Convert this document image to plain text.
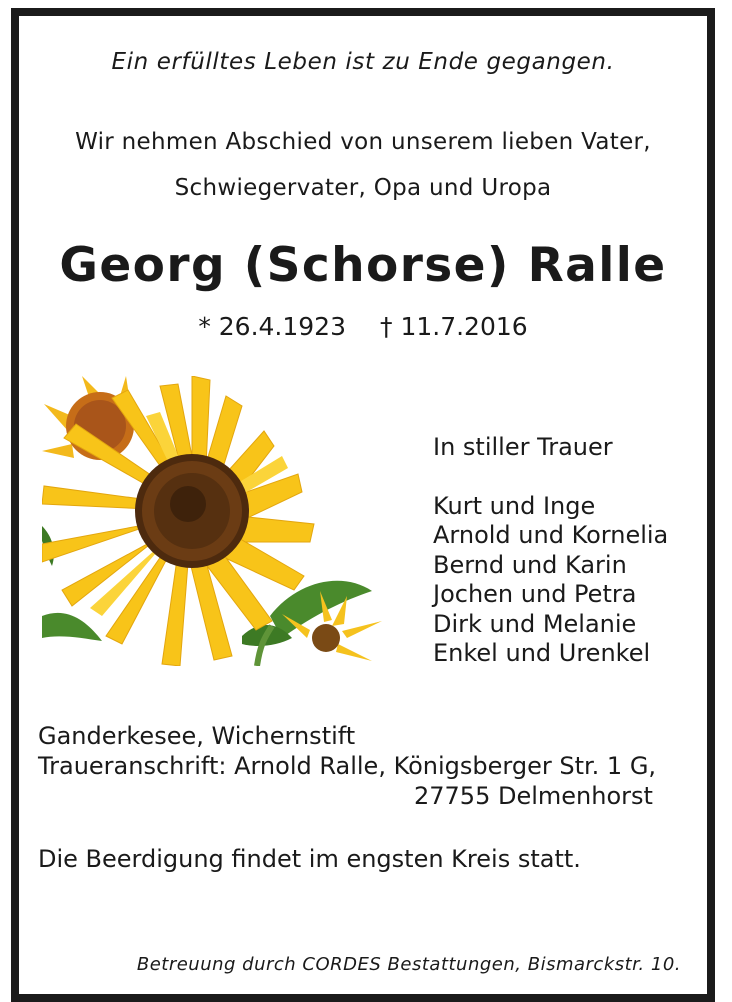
Ein erfülltes Leben ist zu Ende gegangen.
Wir nehmen Abschied von unserem lieben Vater,
Schwiegervater, Opa und Uropa
Georg (Schorse) Ralle
* 26.4.1923 † 11.7.2016
In stiller Trauer
Kurt und Inge
Arnold und Kornelia
Bernd und Karin
Jochen und Petra
Dirk und Melanie
Enkel und Urenkel
Ganderkesee, Wichernstift
Traueranschrift: Arnold Ralle, Königsberger Str. 1 G,
27755 Delmenhorst
Die Beerdigung findet im engsten Kreis statt.
Betreuung durch CORDES Bestattungen, Bismarckstr. 10.
